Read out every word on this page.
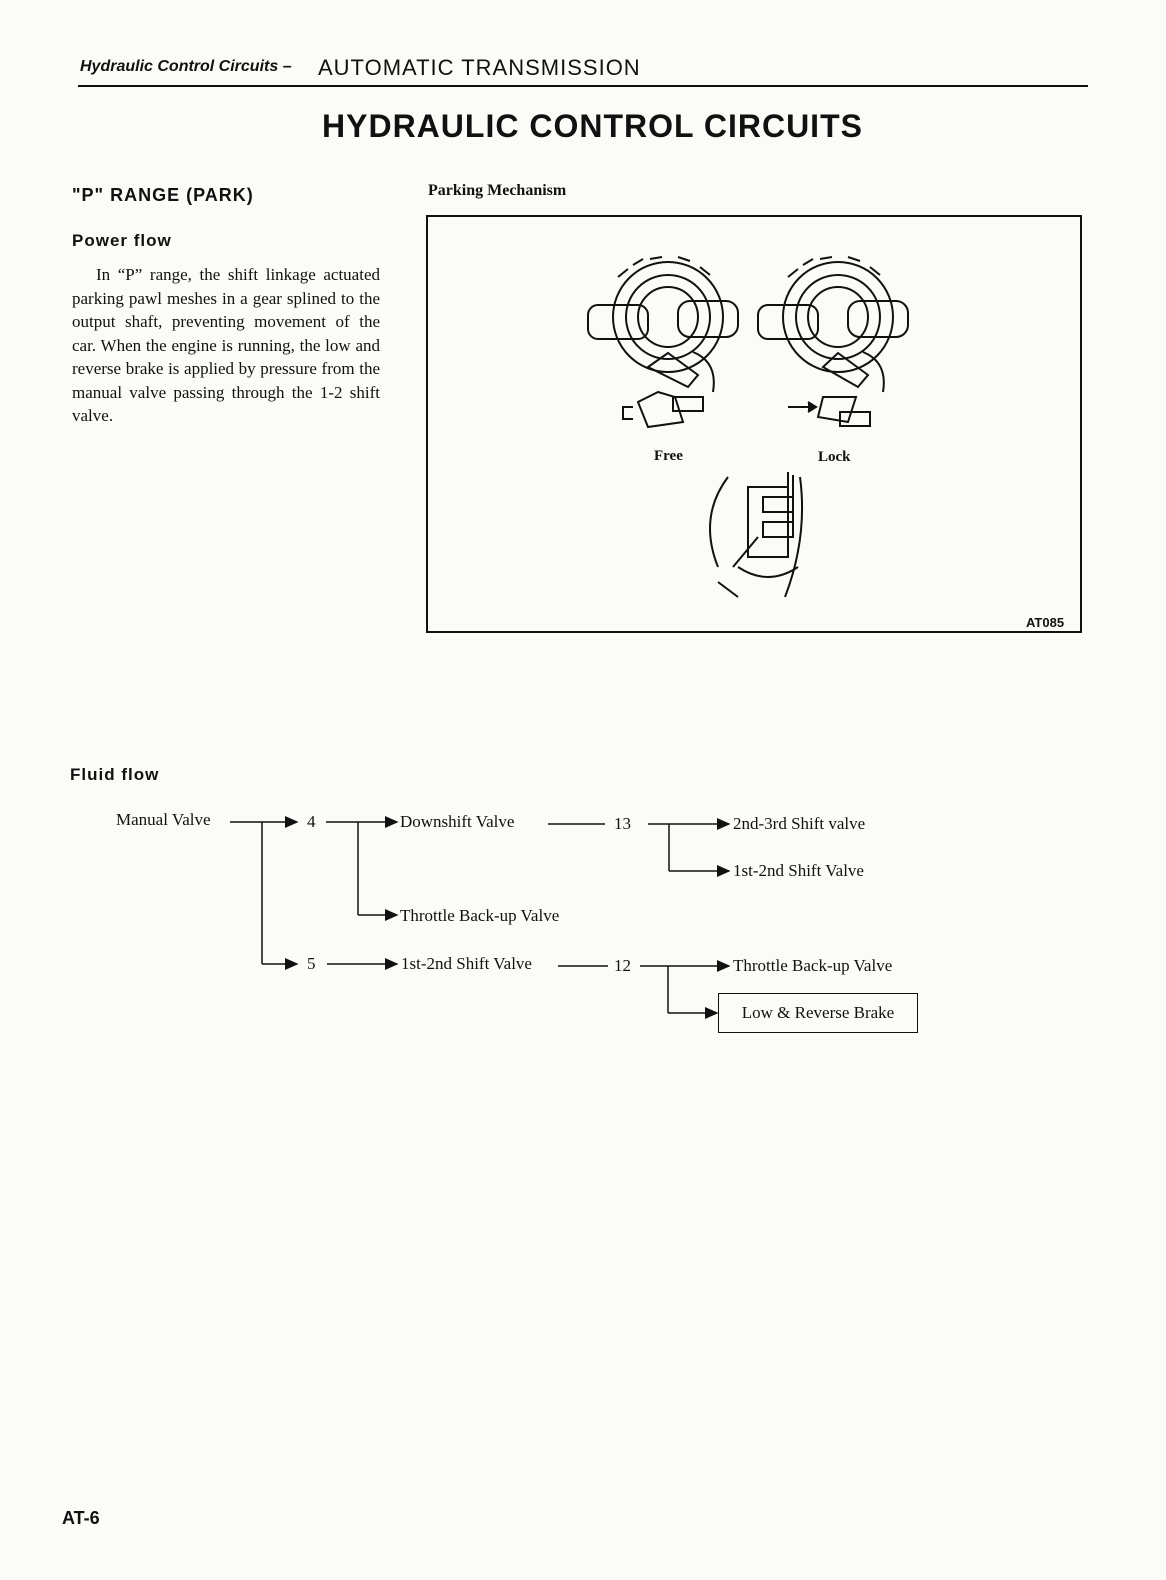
Hydraulic Control Circuits – AUTOMATIC TRANSMISSION
HYDRAULIC CONTROL CIRCUITS
"P" RANGE (PARK)
Power flow
In “P” range, the shift linkage actuated parking pawl meshes in a gear splined to the output shaft, preventing movement of the car. When the engine is running, the low and reverse brake is applied by pressure from the manual valve passing through the 1-2 shift valve.
Parking Mechanism
Free	Lock
AT085
Fluid flow
Manual Valve	4	Downshift Valve	13	2nd-3rd Shift valve
1st-2nd Shift Valve
Throttle Back-up Valve
5	1st-2nd Shift Valve	12	Throttle Back-up Valve
Low & Reverse Brake
AT-6
